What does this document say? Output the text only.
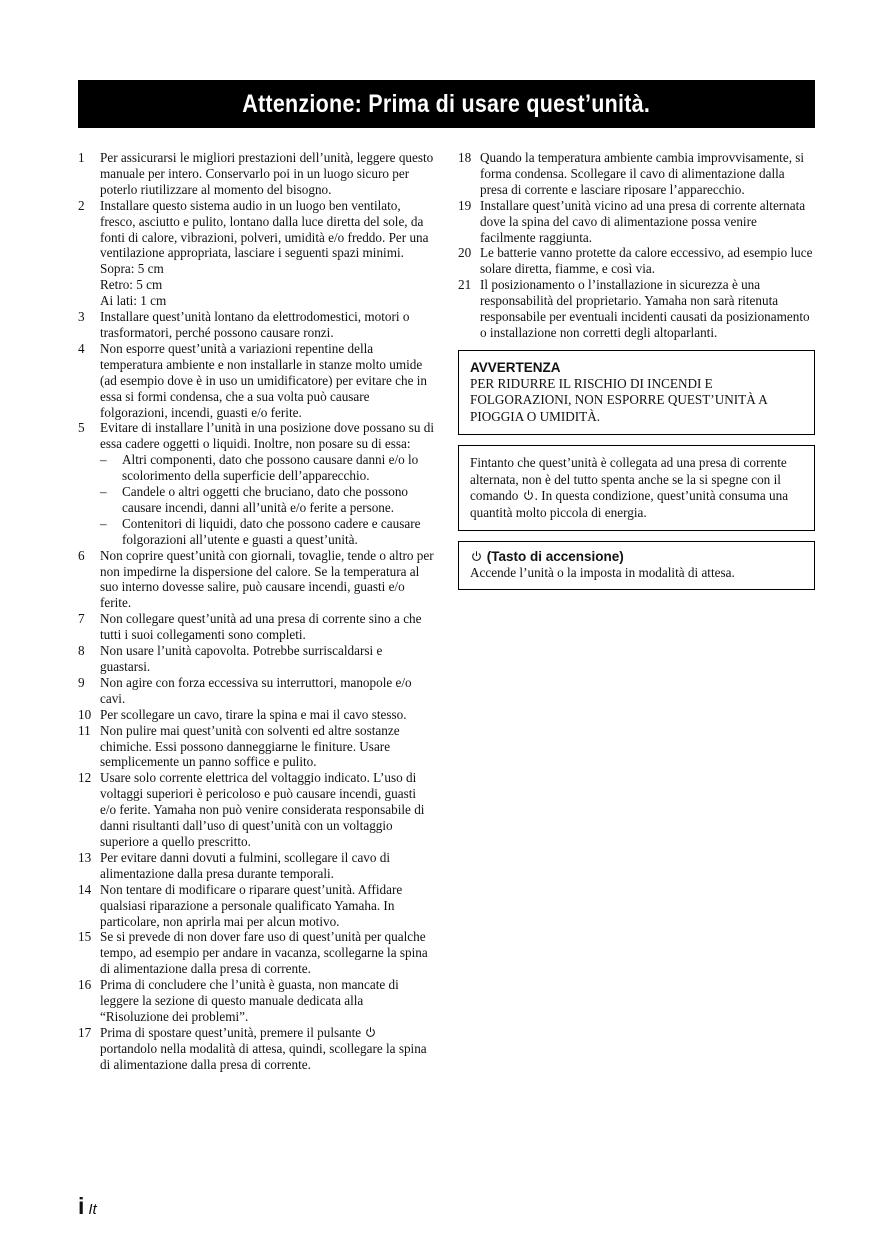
Attenzione: Prima di usare quest’unità.
1	Per assicurarsi le migliori prestazioni dell’unità, leggere questo manuale per intero. Conservarlo poi in un luogo sicuro per poterlo riutilizzare al momento del bisogno.
2	Installare questo sistema audio in un luogo ben ventilato, fresco, asciutto e pulito, lontano dalla luce diretta del sole, da fonti di calore, vibrazioni, polveri, umidità e/o freddo. Per una ventilazione appropriata, lasciare i seguenti spazi minimi.
Sopra: 5 cm
Retro: 5 cm
Ai lati: 1 cm
3	Installare quest’unità lontano da elettrodomestici, motori o trasformatori, perché possono causare ronzi.
4	Non esporre quest’unità a variazioni repentine della temperatura ambiente e non installarle in stanze molto umide (ad esempio dove è in uso un umidificatore) per evitare che in essa si formi condensa, che a sua volta può causare folgorazioni, incendi, guasti e/o ferite.
5	Evitare di installare l’unità in una posizione dove possano su di essa cadere oggetti o liquidi. Inoltre, non posare su di essa:
–	Altri componenti, dato che possono causare danni e/o lo scolorimento della superficie dell’apparecchio.
–	Candele o altri oggetti che bruciano, dato che possono causare incendi, danni all’unità e/o ferite a persone.
–	Contenitori di liquidi, dato che possono cadere e causare folgorazioni all’utente e guasti a quest’unità.
6	Non coprire quest’unità con giornali, tovaglie, tende o altro per non impedirne la dispersione del calore. Se la temperatura al suo interno dovesse salire, può causare incendi, guasti e/o ferite.
7	Non collegare quest’unità ad una presa di corrente sino a che tutti i suoi collegamenti sono completi.
8	Non usare l’unità capovolta. Potrebbe surriscaldarsi e guastarsi.
9	Non agire con forza eccessiva su interruttori, manopole e/o cavi.
10 Per scollegare un cavo, tirare la spina e mai il cavo stesso.
11 Non pulire mai quest’unità con solventi ed altre sostanze chimiche. Essi possono danneggiarne le finiture. Usare semplicemente un panno soffice e pulito.
12 Usare solo corrente elettrica del voltaggio indicato. L’uso di voltaggi superiori è pericoloso e può causare incendi, guasti e/o ferite. Yamaha non può venire considerata responsabile di danni risultanti dall’uso di quest’unità con un voltaggio superiore a quello prescritto.
13 Per evitare danni dovuti a fulmini, scollegare il cavo di alimentazione dalla presa durante temporali.
14 Non tentare di modificare o riparare quest’unità. Affidare qualsiasi riparazione a personale qualificato Yamaha. In particolare, non aprirla mai per alcun motivo.
15 Se si prevede di non dover fare uso di quest’unità per qualche tempo, ad esempio per andare in vacanza, scollegarne la spina di alimentazione dalla presa di corrente.
16 Prima di concludere che l’unità è guasta, non mancate di leggere la sezione di questo manuale dedicata alla “Risoluzione dei problemi”.
17 Prima di spostare quest’unità, premere il pulsante  portandolo nella modalità di attesa, quindi, scollegare la spina di alimentazione dalla presa di corrente.
18 Quando la temperatura ambiente cambia improvvisamente, si forma condensa. Scollegare il cavo di alimentazione dalla presa di corrente e lasciare riposare l’apparecchio.
19 Installare quest’unità vicino ad una presa di corrente alternata dove la spina del cavo di alimentazione possa venire facilmente raggiunta.
20 Le batterie vanno protette da calore eccessivo, ad esempio luce solare diretta, fiamme, e così via.
21 Il posizionamento o l’installazione in sicurezza è una responsabilità del proprietario. Yamaha non sarà ritenuta responsabile per eventuali incidenti causati da posizionamento o installazione non corretti degli altoparlanti.
AVVERTENZA
PER RIDURRE IL RISCHIO DI INCENDI E FOLGORAZIONI, NON ESPORRE QUEST’UNITÀ A PIOGGIA O UMIDITÀ.
Fintanto che quest’unità è collegata ad una presa di corrente alternata, non è del tutto spenta anche se la si spegne con il comando . In questa condizione, quest’unità consuma una quantità molto piccola di energia.
(Tasto di accensione)
Accende l’unità o la imposta in modalità di attesa.
i It
